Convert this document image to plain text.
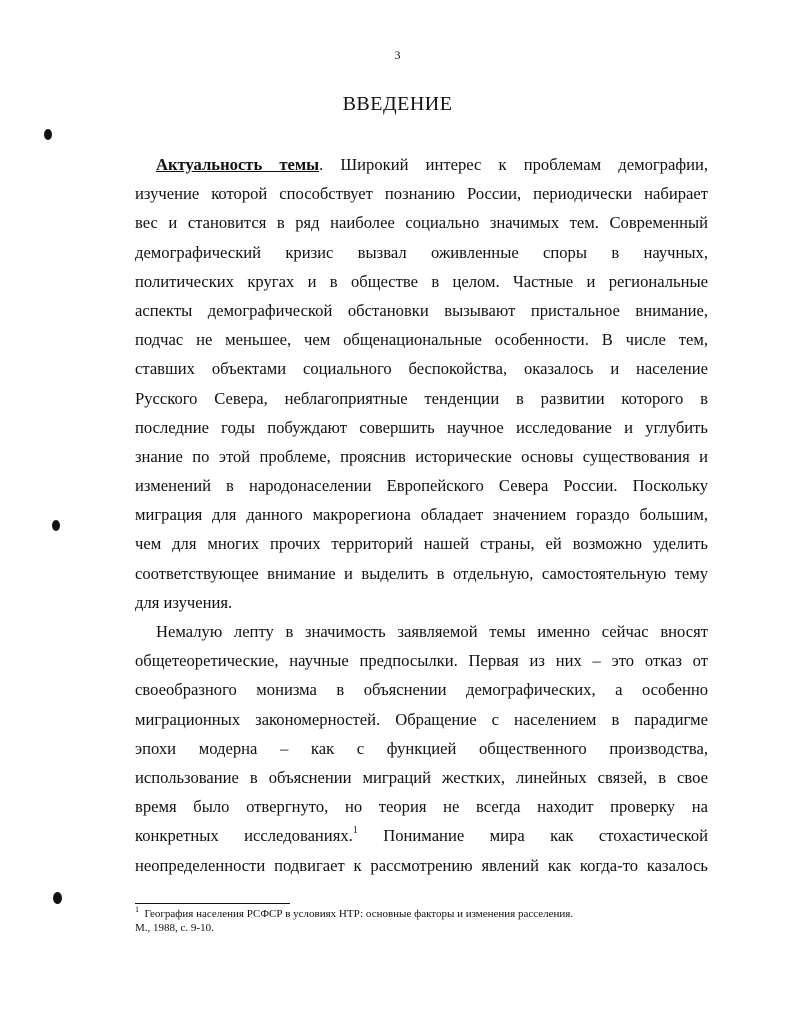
3
ВВЕДЕНИЕ
Актуальность темы. Широкий интерес к проблемам демографии,
изучение которой способствует познанию России, периодически набирает
вес и становится в ряд наиболее социально значимых тем. Современный
демографический кризис вызвал оживленные споры в научных,
политических кругах и в обществе в целом. Частные и региональные
аспекты демографической обстановки вызывают пристальное внимание,
подчас не меньшее, чем общенациональные особенности. В числе тем,
ставших объектами социального беспокойства, оказалось и население
Русского Севера, неблагоприятные тенденции в развитии которого в
последние годы побуждают совершить научное исследование и углубить
знание по этой проблеме, прояснив исторические основы существования и
изменений в народонаселении Европейского Севера России. Поскольку
миграция для данного макрорегиона обладает значением гораздо большим,
чем для многих прочих территорий нашей страны, ей возможно уделить
соответствующее внимание и выделить в отдельную, самостоятельную тему
для изучения.
Немалую лепту в значимость заявляемой темы именно сейчас вносят
общетеоретические, научные предпосылки. Первая из них – это отказ от
своеобразного монизма в объяснении демографических, а особенно
миграционных закономерностей. Обращение с населением в парадигме
эпохи модерна – как с функцией общественного производства,
использование в объяснении миграций жестких, линейных связей, в свое
время было отвергнуто, но теория не всегда находит проверку на
конкретных исследованиях.$^1$ Понимание мира как стохастической
неопределенности подвигает к рассмотрению явлений как когда-то казалось
$^1$ География населения РСФСР в условиях НТР: основные факторы и изменения расселения.
М., 1988, с. 9-10.
